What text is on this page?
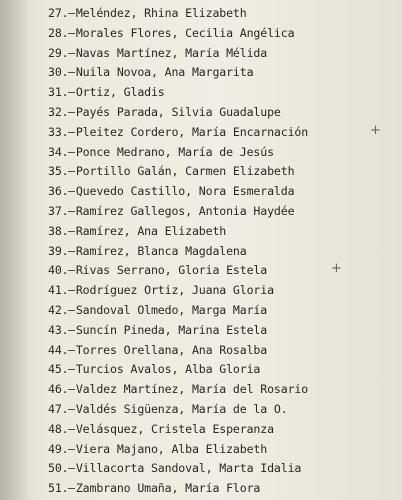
27.—Meléndez, Rhina Elizabeth
28.—Morales Flores, Cecilia Angélica
29.—Navas Martínez, María Mélida
30.—Nuila Novoa, Ana Margarita
31.—Ortiz, Gladis
32.—Payés Parada, Silvia Guadalupe
33.—Pleitez Cordero, María Encarnación	+
34.—Ponce Medrano, María de Jesús
35.—Portillo Galán, Carmen Elizabeth
36.—Quevedo Castillo, Nora Esmeralda
37.—Ramírez Gallegos, Antonia Haydée
38.—Ramírez, Ana Elizabeth
39.—Ramírez, Blanca Magdalena
40.—Rivas Serrano, Gloria Estela	+
41.—Rodríguez Ortiz, Juana Gloria
42.—Sandoval Olmedo, Marga María
43.—Suncín Pineda, Marina Estela
44.—Torres Orellana, Ana Rosalba
45.—Turcios Avalos, Alba Gloria
46.—Valdez Martínez, María del Rosario
47.—Valdés Sigüenza, María de la O.
48.—Velásquez, Cristela Esperanza
49.—Viera Majano, Alba Elizabeth
50.—Villacorta Sandoval, Marta Idalia
51.—Zambrano Umaña, María Flora
